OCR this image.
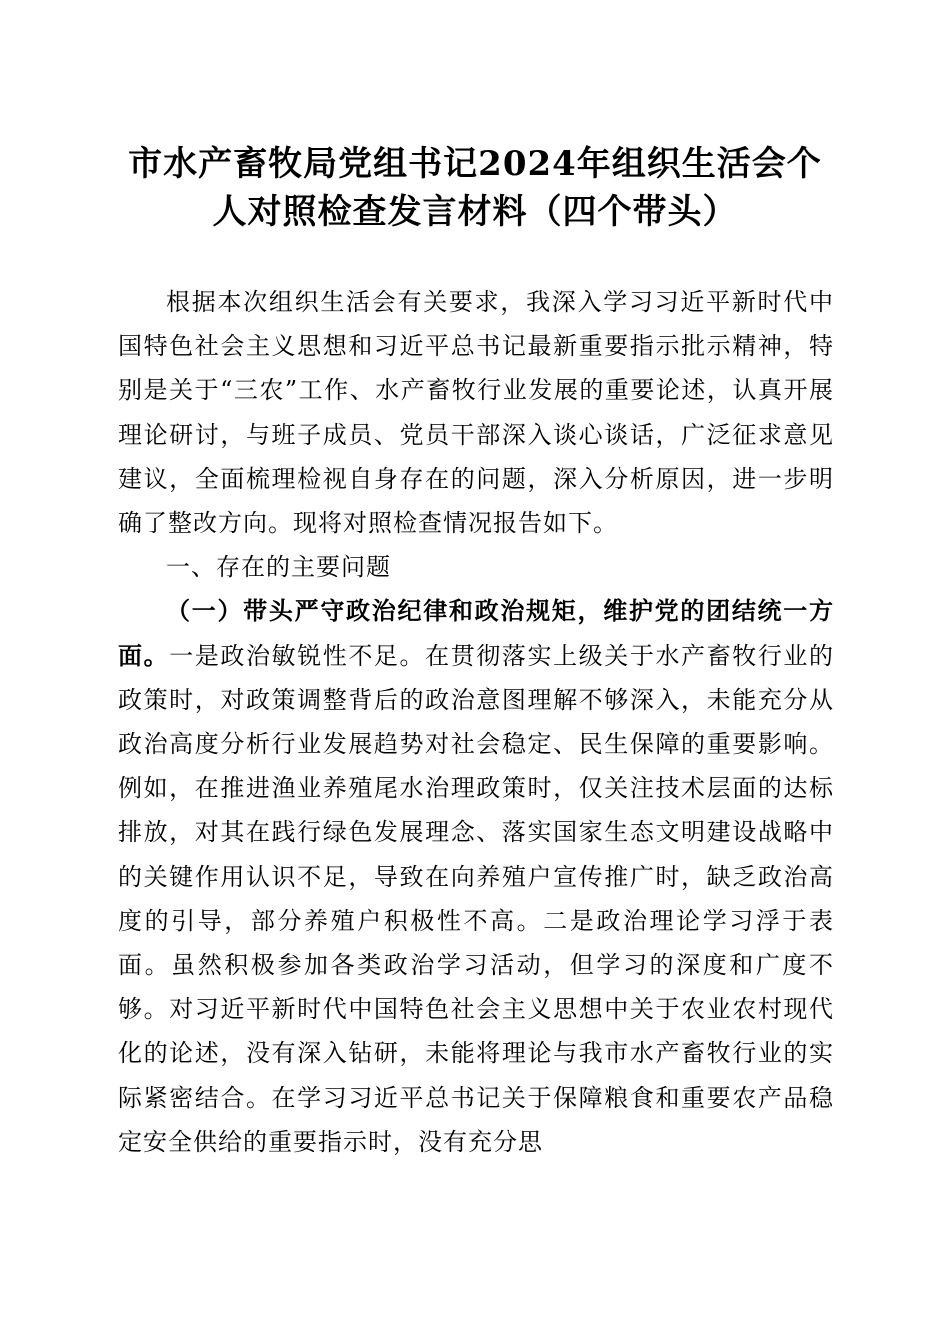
市水产畜牧局党组书记2024年组织生活会个
人对照检查发言材料（四个带头）

根据本次组织生活会有关要求，我深入学习习近平新时代中国特色社会主义思想和习近平总书记最新重要指示批示精神，特别是关于“三农”工作、水产畜牧行业发展的重要论述，认真开展理论研讨，与班子成员、党员干部深入谈心谈话，广泛征求意见建议，全面梳理检视自身存在的问题，深入分析原因，进一步明确了整改方向。现将对照检查情况报告如下。

一、存在的主要问题

（一）带头严守政治纪律和政治规矩，维护党的团结统一方面。一是政治敏锐性不足。在贯彻落实上级关于水产畜牧行业的政策时，对政策调整背后的政治意图理解不够深入，未能充分从政治高度分析行业发展趋势对社会稳定、民生保障的重要影响。例如，在推进渔业养殖尾水治理政策时，仅关注技术层面的达标排放，对其在践行绿色发展理念、落实国家生态文明建设战略中的关键作用认识不足，导致在向养殖户宣传推广时，缺乏政治高度的引导，部分养殖户积极性不高。二是政治理论学习浮于表面。虽然积极参加各类政治学习活动，但学习的深度和广度不够。对习近平新时代中国特色社会主义思想中关于农业农村现代化的论述，没有深入钻研，未能将理论与我市水产畜牧行业的实际紧密结合。在学习习近平总书记关于保障粮食和重要农产品稳定安全供给的重要指示时，没有充分思
